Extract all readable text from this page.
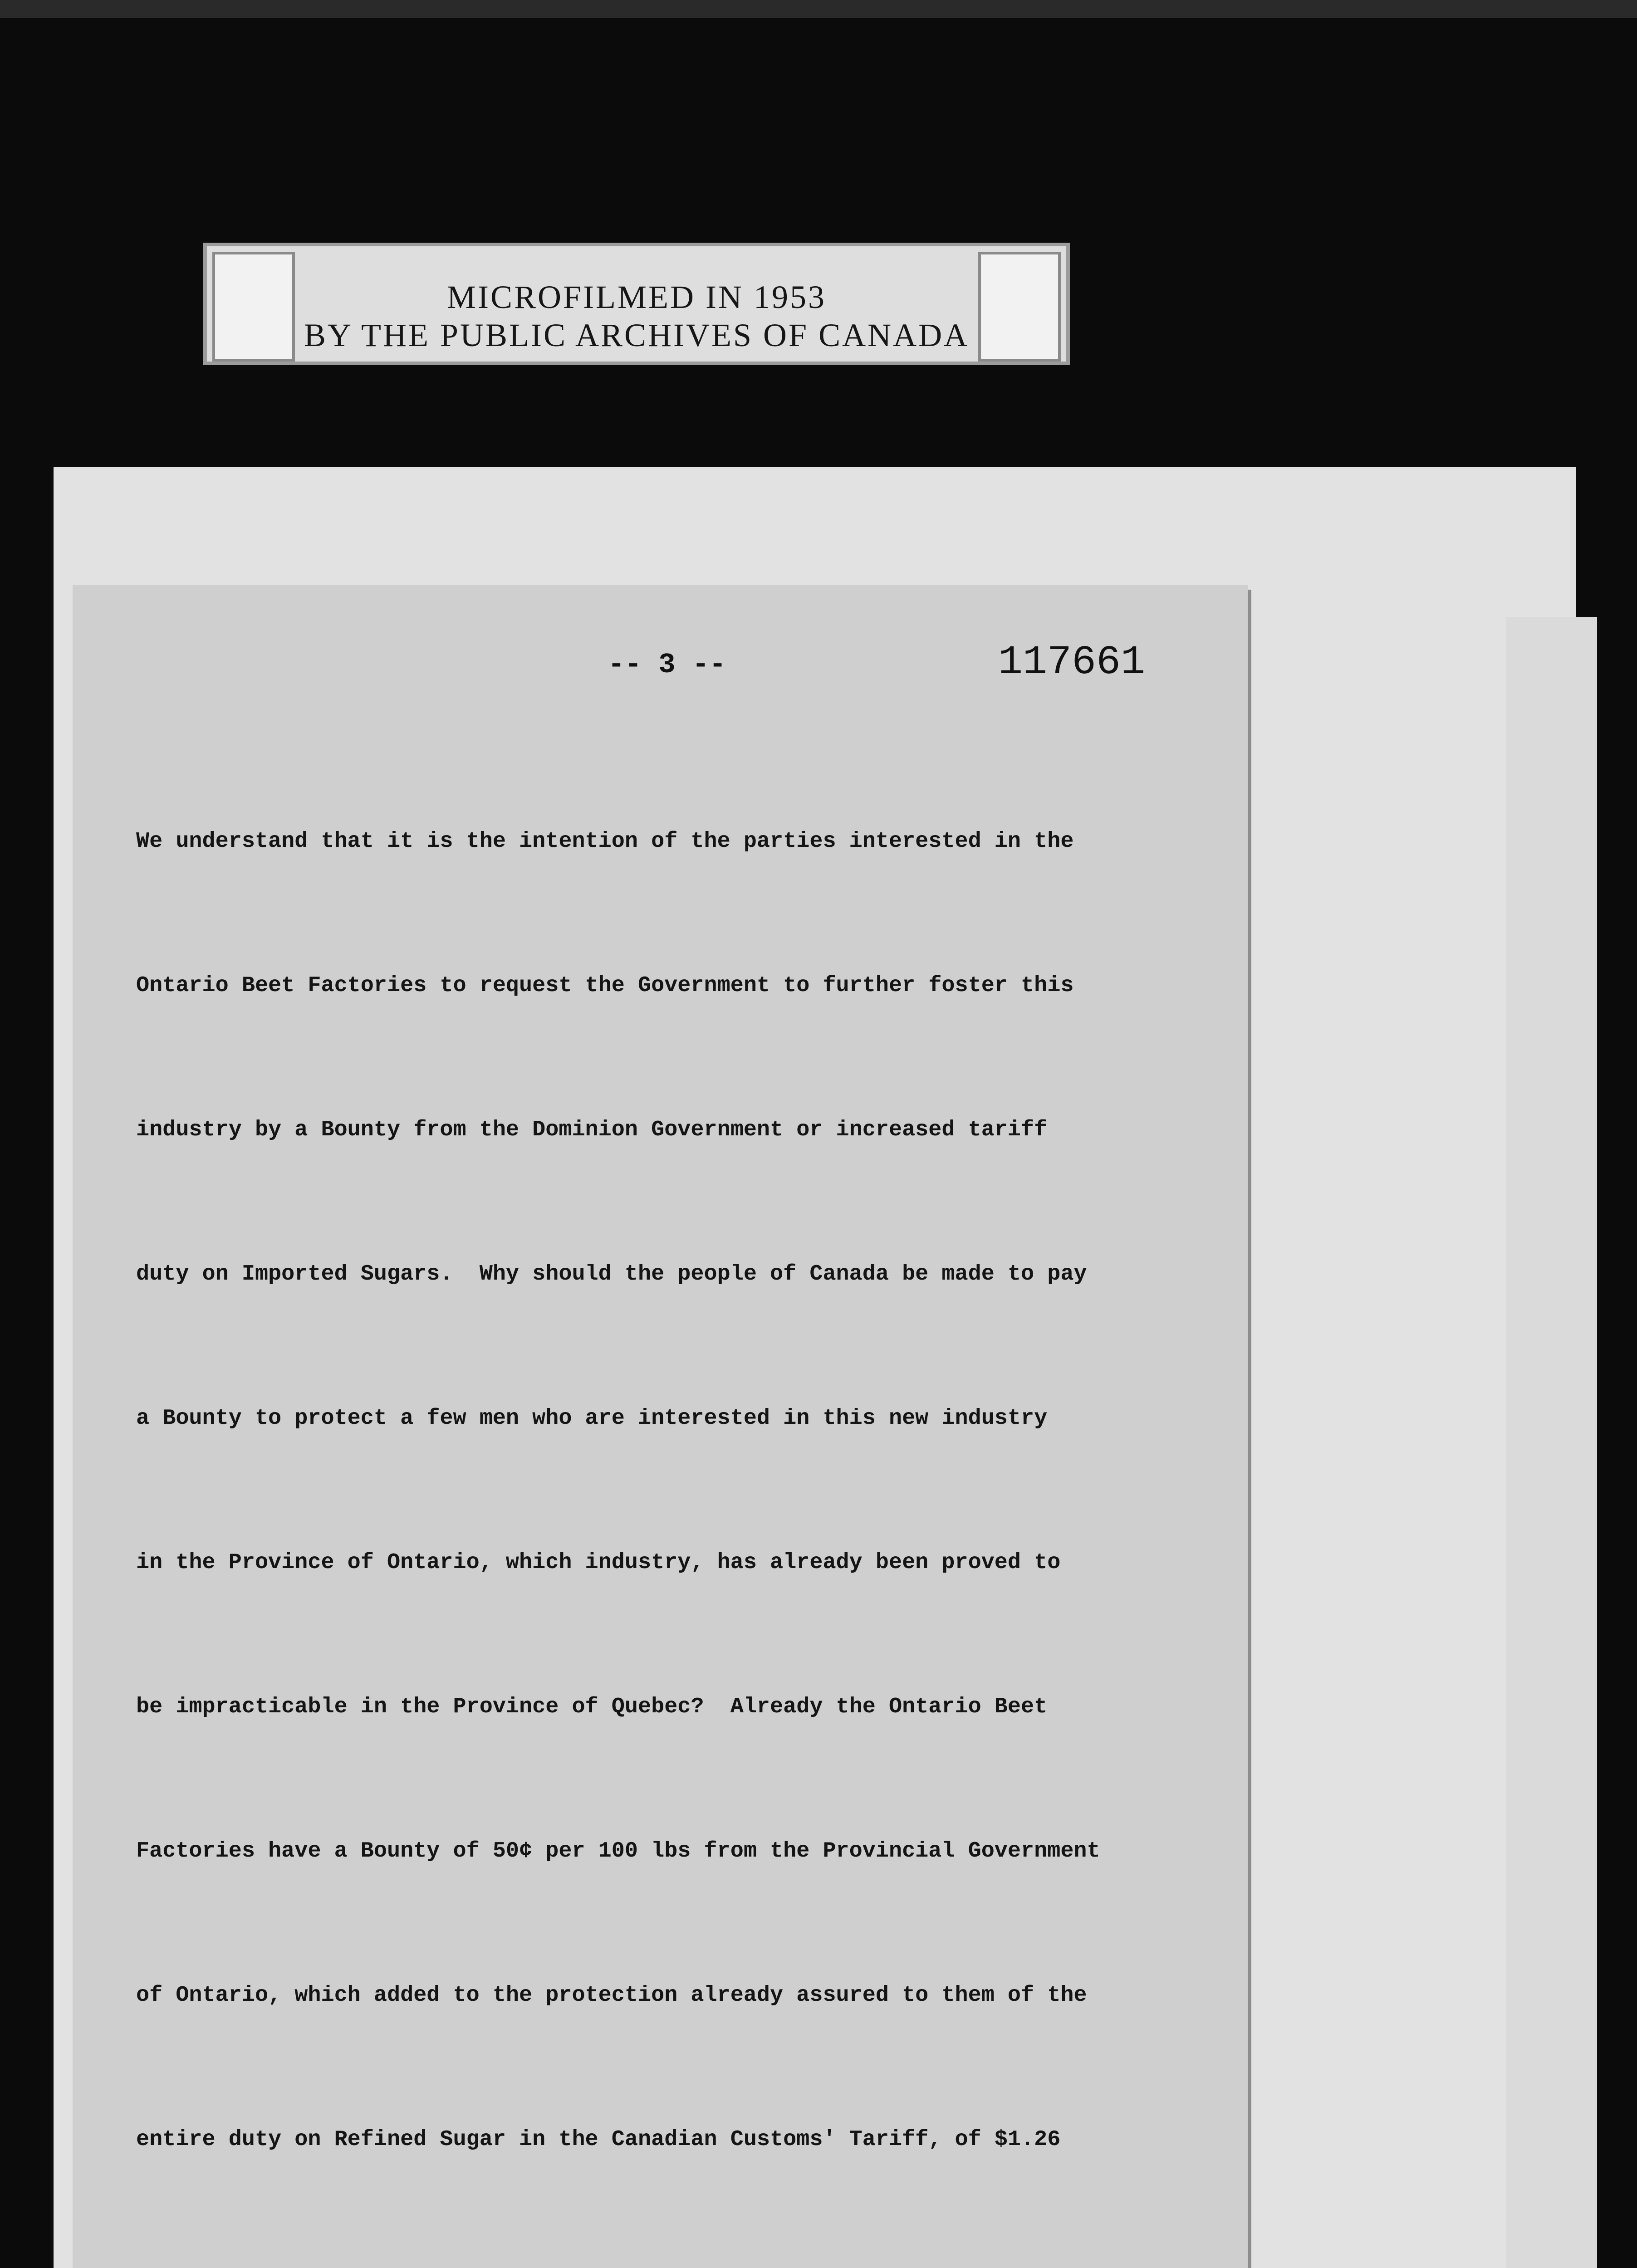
MICROFILMED IN 1953
BY THE PUBLIC ARCHIVES OF CANADA
-- 3 --	117661

We understand that it is the intention of the parties interested in the

Ontario Beet Factories to request the Government to further foster this

industry by a Bounty from the Dominion Government or increased tariff

duty on Imported Sugars.  Why should the people of Canada be made to pay

a Bounty to protect a few men who are interested in this new industry

in the Province of Ontario, which industry, has already been proved to

be impracticable in the Province of Quebec?  Already the Ontario Beet

Factories have a Bounty of 50¢ per 100 lbs from the Provincial Government

of Ontario, which added to the protection already assured to them of the

entire duty on Refined Sugar in the Canadian Customs' Tariff, of $1.26
